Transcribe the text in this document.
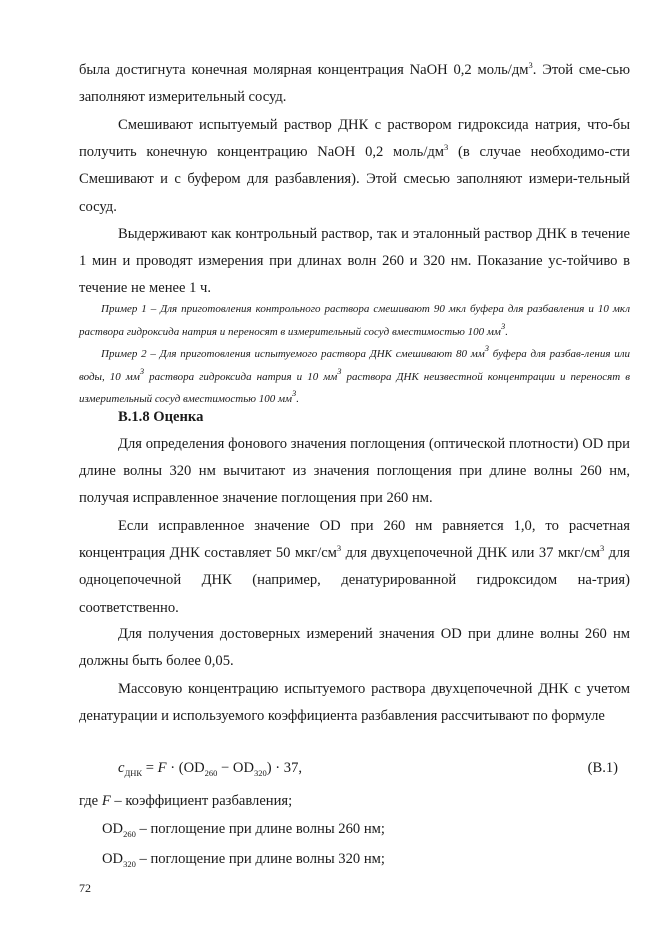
была достигнута конечная молярная концентрация NaOH 0,2 моль/$дм^3$. Этой сме-сью заполняют измерительный сосуд.

Смешивают испытуемый раствор ДНК с раствором гидроксида натрия, что-бы получить конечную концентрацию NaOH 0,2 моль/$дм^3$ (в случае необходимо-сти Смешивают и с буфером для разбавления). Этой смесью заполняют измери-тельный сосуд.

Выдерживают как контрольный раствор, так и эталонный раствор ДНК в течение 1 мин и проводят измерения при длинах волн 260 и 320 нм. Показание ус-тойчиво в течение не менее 1 ч.

Пример 1 – Для приготовления контрольного раствора смешивают 90 мкл буфера для разбавления и 10 мкл раствора гидроксида натрия и переносят в измерительный сосуд вместимостью 100 $мм^3$.

Пример 2 – Для приготовления испытуемого раствора ДНК смешивают 80 $мм^3$ буфера для разбав-ления или воды, 10 $мм^3$ раствора гидроксида натрия и 10 $мм^3$ раствора ДНК неизвестной концентрации и переносят в измерительный сосуд вместимостью 100 $мм^3$.

В.1.8 Оценка

Для определения фонового значения поглощения (оптической плотности) OD при длине волны 320 нм вычитают из значения поглощения при длине волны 260 нм, получая исправленное значение поглощения при 260 нм.

Если исправленное значение OD при 260 нм равняется 1,0, то расчетная концентрация ДНК составляет 50 мкг/$см^3$ для двухцепочечной ДНК или 37 мкг/$см^3$ для одноцепочечной ДНК (например, денатурированной гидроксидом на-трия) соответственно.

Для получения достоверных измерений значения OD при длине волны 260 нм должны быть более 0,05.

Массовую концентрацию испытуемого раствора двухцепочечной ДНК с учетом денатурации и используемого коэффициента разбавления рассчитывают по формуле

$c_{ДНК} = F \cdot (OD_{260} - OD_{320}) \cdot 37$,	(В.1)
где F – коэффициент разбавления;
$OD_{260}$ – поглощение при длине волны 260 нм;
$OD_{320}$ – поглощение при длине волны 320 нм;
72
